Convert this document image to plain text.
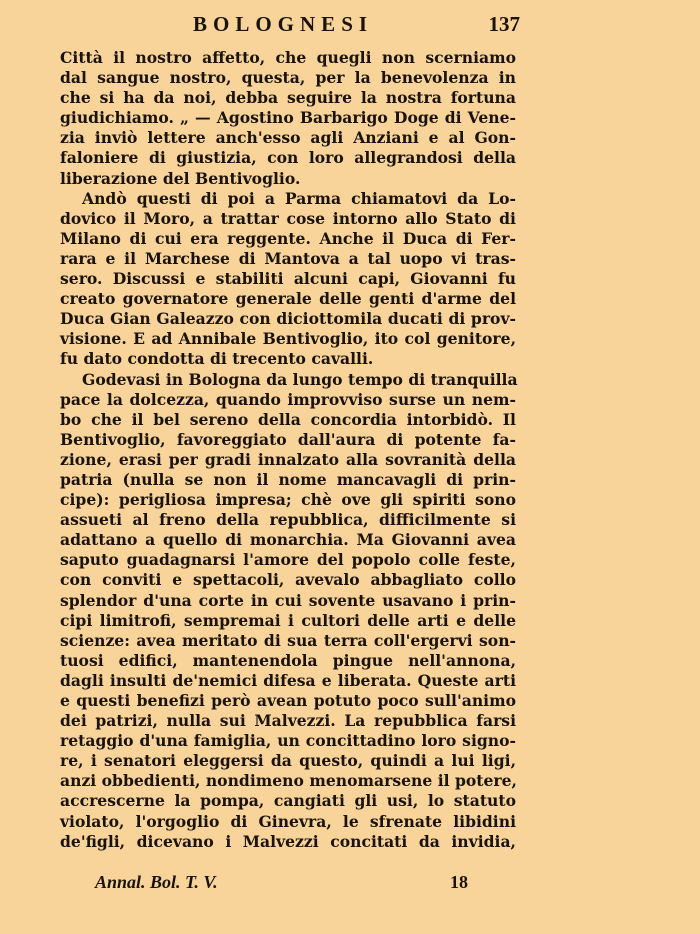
BOLOGNESI	137
Città il nostro affetto, che quegli non scerniamo
dal sangue nostro, questa, per la benevolenza in
che si ha da noi, debba seguire la nostra fortuna
giudichiamo. „ — Agostino Barbarigo Doge di Vene-
zia inviò lettere anch'esso agli Anziani e al Gon-
faloniere di giustizia, con loro allegrandosi della
liberazione del Bentivoglio.
Andò questi di poi a Parma chiamatovi da Lo-
dovico il Moro, a trattar cose intorno allo Stato di
Milano di cui era reggente. Anche il Duca di Fer-
rara e il Marchese di Mantova a tal uopo vi tras-
sero. Discussi e stabiliti alcuni capi, Giovanni fu
creato governatore generale delle genti d'arme del
Duca Gian Galeazzo con diciottomila ducati di prov-
visione. E ad Annibale Bentivoglio, ito col genitore,
fu dato condotta di trecento cavalli.
Godevasi in Bologna da lungo tempo di tranquilla
pace la dolcezza, quando improvviso surse un nem-
bo che il bel sereno della concordia intorbidò. Il
Bentivoglio, favoreggiato dall'aura di potente fa-
zione, erasi per gradi innalzato alla sovranità della
patria (nulla se non il nome mancavagli di prin-
cipe): perigliosa impresa; chè ove gli spiriti sono
assueti al freno della repubblica, difficilmente si
adattano a quello di monarchia. Ma Giovanni avea
saputo guadagnarsi l'amore del popolo colle feste,
con conviti e spettacoli, avevalo abbagliato collo
splendor d'una corte in cui sovente usavano i prin-
cipi limitrofi, sempremai i cultori delle arti e delle
scienze: avea meritato di sua terra coll'ergervi son-
tuosi edifici, mantenendola pingue nell'annona,
dagli insulti de'nemici difesa e liberata. Queste arti
e questi benefizi però avean potuto poco sull'animo
dei patrizi, nulla sui Malvezzi. La repubblica farsi
retaggio d'una famiglia, un concittadino loro signo-
re, i senatori eleggersi da questo, quindi a lui ligi,
anzi obbedienti, nondimeno menomarsene il potere,
accrescerne la pompa, cangiati gli usi, lo statuto
violato, l'orgoglio di Ginevra, le sfrenate libidini
de'figli, dicevano i Malvezzi concitati da invidia,
Annal. Bol. T. V.	18
